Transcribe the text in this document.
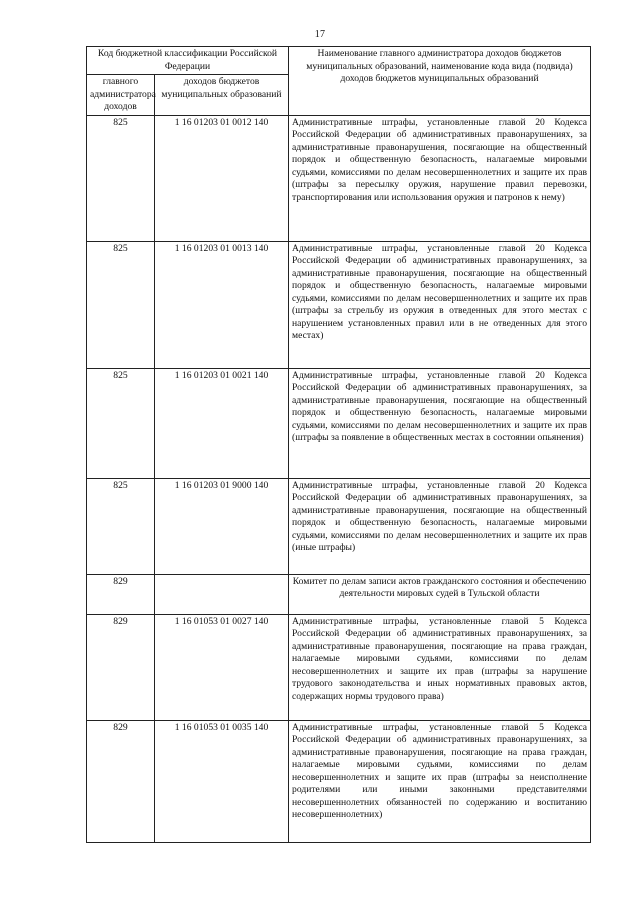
17
Код бюджетной классификации Российской Федерации		Наименование главного администратора доходов бюджетов муниципальных образований, наименование кода вида (подвида) доходов бюджетов муниципальных образований
главного администратора доходов	доходов бюджетов муниципальных образований	
825	1 16 01203 01 0012 140	Административные штрафы, установленные главой 20 Кодекса Российской Федерации об административных правонарушениях, за административные правонарушения, посягающие на общественный порядок и общественную безопасность, налагаемые мировыми судьями, комиссиями по делам несовершеннолетних и защите их прав (штрафы за пересылку оружия, нарушение правил перевозки, транспортирования или использования оружия и патронов к нему)
825	1 16 01203 01 0013 140	Административные штрафы, установленные главой 20 Кодекса Российской Федерации об административных правонарушениях, за административные правонарушения, посягающие на общественный порядок и общественную безопасность, налагаемые мировыми судьями, комиссиями по делам несовершеннолетних и защите их прав (штрафы за стрельбу из оружия в отведенных для этого местах с нарушением установленных правил или в не отведенных для этого местах)
825	1 16 01203 01 0021 140	Административные штрафы, установленные главой 20 Кодекса Российской Федерации об административных правонарушениях, за административные правонарушения, посягающие на общественный порядок и общественную безопасность, налагаемые мировыми судьями, комиссиями по делам несовершеннолетних и защите их прав (штрафы за появление в общественных местах в состоянии опьянения)
825	1 16 01203 01 9000 140	Административные штрафы, установленные главой 20 Кодекса Российской Федерации об административных правонарушениях, за административные правонарушения, посягающие на общественный порядок и общественную безопасность, налагаемые мировыми судьями, комиссиями по делам несовершеннолетних и защите их прав (иные штрафы)
829		Комитет по делам записи актов гражданского состояния и обеспечению деятельности мировых судей в Тульской области
829	1 16 01053 01 0027 140	Административные штрафы, установленные главой 5 Кодекса Российской Федерации об административных правонарушениях, за административные правонарушения, посягающие на права граждан, налагаемые мировыми судьями, комиссиями по делам несовершеннолетних и защите их прав (штрафы за нарушение трудового законодательства и иных нормативных правовых актов, содержащих нормы трудового права)
829	1 16 01053 01 0035 140	Административные штрафы, установленные главой 5 Кодекса Российской Федерации об административных правонарушениях, за административные правонарушения, посягающие на права граждан, налагаемые мировыми судьями, комиссиями по делам несовершеннолетних и защите их прав (штрафы за неисполнение родителями или иными законными представителями несовершеннолетних обязанностей по содержанию и воспитанию несовершеннолетних)
